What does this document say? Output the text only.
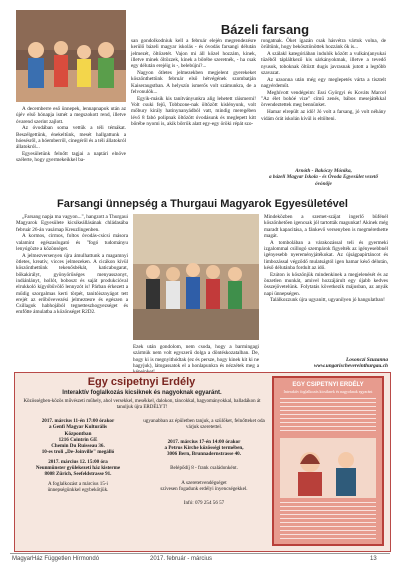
Bázeli farsang

A decemberre eső ünnepek, lennapnapok után az újév első hónapja ismét a megszokott rend, illetve óvarend szerint zajlott.

Az óvodában soma vettük a téli témákat. Beszélgettünk, énekeltünk, mesét hallgattunk a hóesésről, a hóemberről, cinegéről és a téli állatokról állatokról...

Egyesületünk felnőtt tagjai a naptári elnöve szélerte, hogy gyermekeikkel ba-

san gondolkodniuk kell a február elején megrendezésre kerülő bázeli magyar iskolás - és óvodás farsangi délután jelmezét, öltözetét. Vajon mi áll közel hozzám, kinek, illetve minek öltözzek, kinek a bőrébe szeretnék, - ha csak egy délután erejéig is -, belebújni?...

Nagyon ötletes jelmezekben megjelent gyerekeket köszönthettünk február első hétvégének szombatján Kaiseraugstban. A helyszín ismerős volt számunkra, de a felvonulók...

Egyik-másik kis tanítványunkra alig lehetett ráismerni! Volt csuki fejű, Tobbzone-nak öltözött kislényunk, volt mőbury király hatinynanyádból vatt, mindig meregében lévő 8 fabó polipnak öltözött óvodásunk és meglepett kitt bőrébe nyomi is, akik bőrrűk alatt egy-egy öröki répát szo-

rongatnak. Öket igazán csak hásvétra vártuk volna, de örültünk, hogy bekösztönöttek hozzánk ők is...

A szálakl kategóriában indulók között a vulkán(anyukai tüzéből tápláltkező kis sárkányokmak, illetve a tevedő nyusok, toboknak öltöztt dugis javrasnak jutott a legtöbb szavazat.

Az uzsonna után még egy meglepetés várta a tisztelt nagyérdeműt.

Meghívott vendégeim: Essi Györgyi és Kováts Marcel "Az élet bohóé vize" című zenés, bábos mesejátékkal örvendeztettek meg bennünket.

Hamar elrepült az idő! Jó volt a farsang, jó volt néhány vidám órát iskolán kívül is eltölteni.

Arnóth - Bakóczy Mónika,
a bázeli Magyar Iskola - és Óvoda Egyesület vezető óvónője
Farsangi ünnepség a Thurgaui Magyarok Egyesületével

„Farsang napja ma vagyon...", hangzott a Thurgaui Magyarok Egyesülete kicsikeállásának chládasába február 26-án vasárnap Kreuzlingenben.

A kormos, cirmos, foltos óvodás-csicsi másora valamint egészaslugató és "fogó tudományu lenyúgözte a közönséget.

A jelmezversenyen újra ámulhattunk a magamnyi ötletes, kreatív, vicces jelmezeken. A cicákon kívül köszönthettünk tekenősbékát, katicabogarat, bőkakirályt, gyönyörűséges menyasszonyt, indiánlányt, hollót, boboszt és saját produkcióval elrukkoló kígyóbűvölő lennyzót is! Párban érkezett a műdig szorgalmas kerti törpét, tanitóisznyágot tett erejét az erőbővevezési jelmeztesre és egészen a Csillagok habhojából tegnetteszhogyezséget és emfőtte ámulatba a közönséget R2D2.

Ezek után gondolom, nem csoda, hogy a barmingagi szármúk nem volt egyszerű dolga a döntéskozatalban. De, hogy ki is megnyithódtak (ez és persze, hogy kinek kit ki ne hagyjuk), látogassatok el a honlapunkra és nézzétek meg a

Mindeközben a szemet-szájat ingerlő büfénél köszönhetően igencsak jól tartották magunkat! Akinek még maradt kapacitása, a fánkevő versenyben is megmérethette magát.

A tombolában a várakozással teli és gyermeki izgalommal csillogó szempárok figyelték az igényesebbnél igényesebb nyereményjátékokat. Az újságpapírtáncot és limbozással végződő mulatságtól igen hamar késő délután, késő délutánba fordult az idő.

Ezúton is köszönjük mindenkinek a megjelenését és az önzetlen munkát, amivel hozzájárult egy újabb kedves összejövetelünk. Folytatás következik májusban, az anyák napi ünnepségen.

Találkozzunk újra ugyanitt, ugyanilyen jó hangulatban!

Losonczi Szuzanna
www.ungarischevereinthurgau.ch
Egy csipetnyi Erdély
Interaktív foglalkozás kicsiknek és nagyoknak egyaránt.
Közösségben-közös művészeti műhely, ahol versekkel, mesékkel, dalokon, táncokkal, hagyományokkal, balladákon át tanuljuk újra ERDÉLYT!
2017. március 11-én 17:00 órakor
a Genfi Magyar Kulturális
Központban
1216 Cointrin GE
Chemin Du Ruisseau 36.
10-es troli „De-Joinville" megálló
2017. március 12. 15:00 óra
Neunmünster gyülekezeti ház kisterme
8008 Zürich, Seefeldstrasse 91.
A foglalkozást a március 15-i
ünnepségünkkel egybekötjük.
ugyanabban az épületben tanjuk, a szülőket, felnőtteket oda várjuk szeretettel.
2017. március 17-én 14:00 órakor
a Petrus Kirche közösségi termében,
3006 Bern, Brunnadernstrasse 40.
Belépődíj 8 - frank családonként.
A szeretetvendégséget
szívesen fogadunk erdélyi ínyencségekkel.
Infó: 079 254 56 57
EGY CSIPETNYI ERDÉLY
Interaktív foglalkozás kicsiknek és nagyoknak egyaránt
MagyarHáz Független Hírmondó	2017. február - március	13
